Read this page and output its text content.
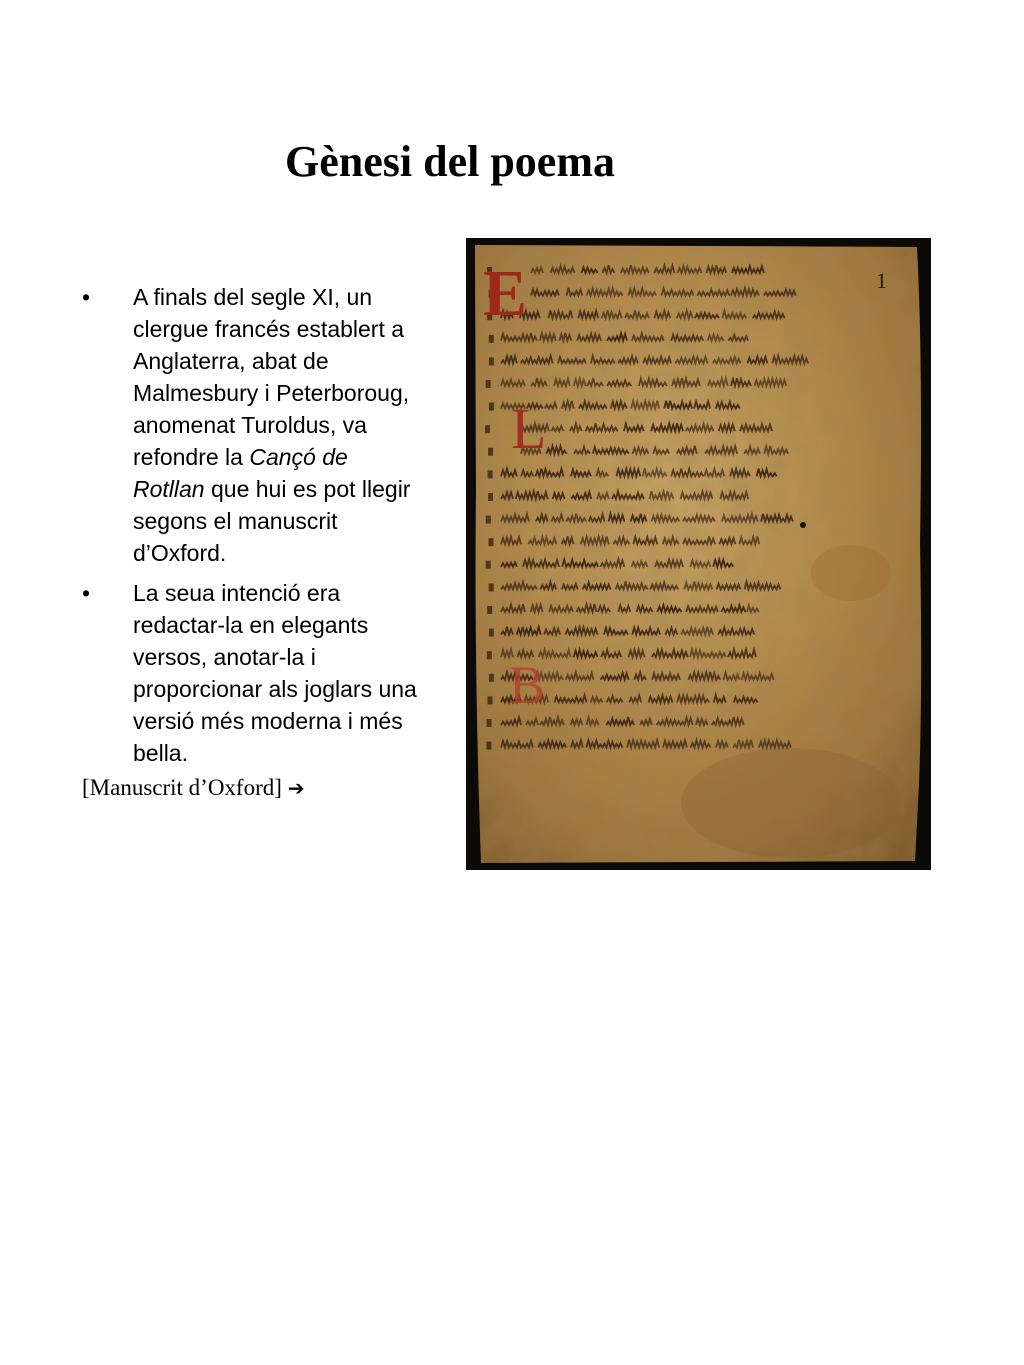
Gènesi del poema
•	A finals del segle XI, un clergue francés establert a Anglaterra, abat de Malmesbury i Peterboroug, anomenat Turoldus, va refondre la Cançó de Rotllan que hui es pot llegir segons el manuscrit d’Oxford.
•	La seua intenció era redactar-la en elegants versos, anotar-la i proporcionar als joglars una versió més moderna i més bella.
[Manuscrit d’Oxford] ➔
E
L
B
1
